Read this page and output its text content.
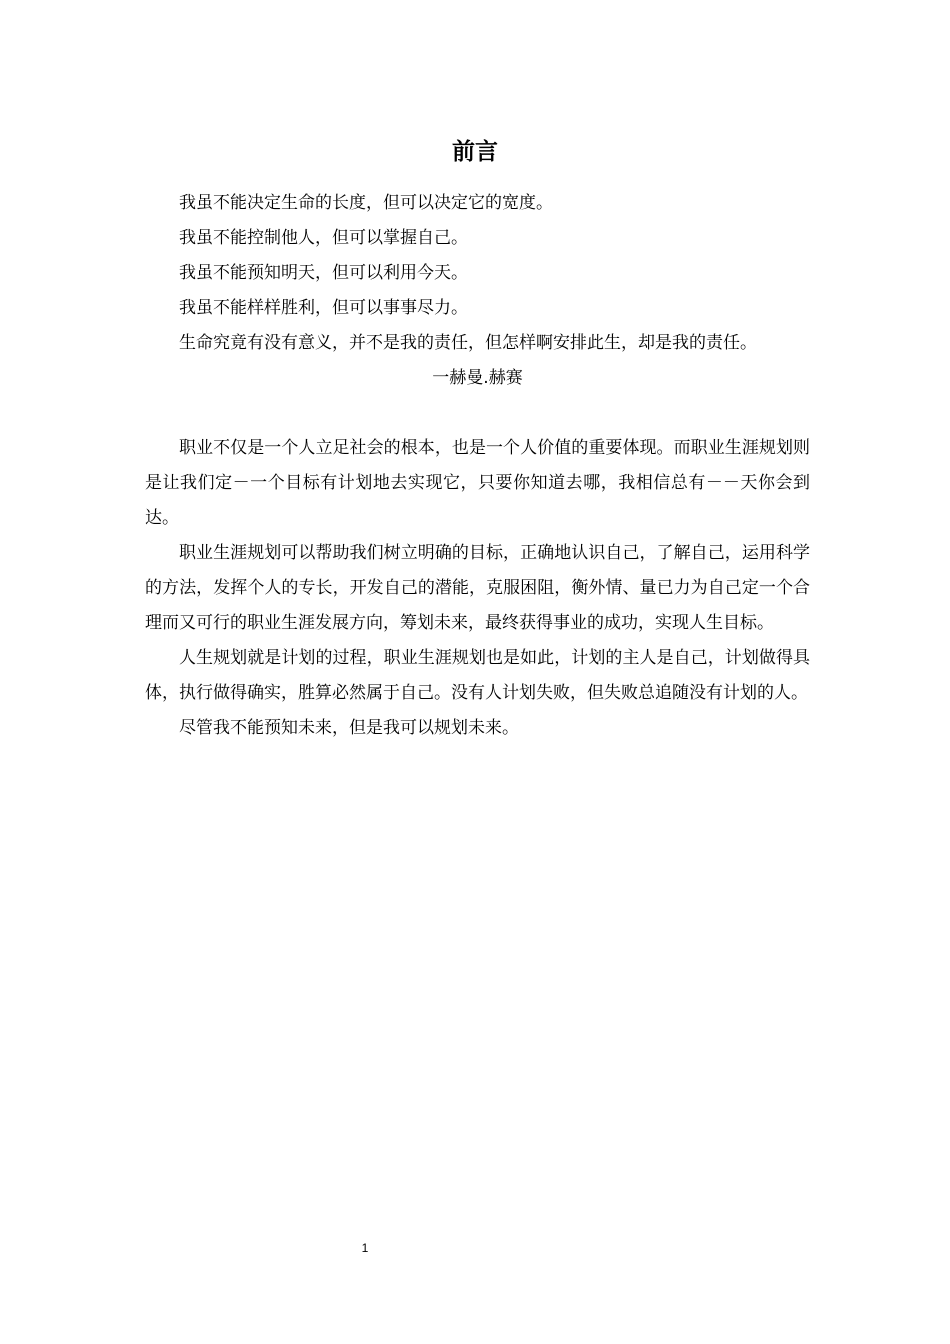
前言

我虽不能决定生命的长度，但可以决定它的宽度。

我虽不能控制他人，但可以掌握自己。

我虽不能预知明天，但可以利用今天。

我虽不能样样胜利，但可以事事尽力。

生命究竟有没有意义，并不是我的责任，但怎样啊安排此生，却是我的责任。

一赫曼.赫赛

职业不仅是一个人立足社会的根本，也是一个人价值的重要体现。而职业生涯规划则是让我们定－一个目标有计划地去实现它，只要你知道去哪，我相信总有－－天你会到达。

职业生涯规划可以帮助我们树立明确的目标，正确地认识自己，了解自己，运用科学的方法，发挥个人的专长，开发自己的潜能，克服困阻，衡外情、量已力为自己定一个合理而又可行的职业生涯发展方向，筹划未来，最终获得事业的成功，实现人生目标。

人生规划就是计划的过程，职业生涯规划也是如此，计划的主人是自己，计划做得具体，执行做得确实，胜算必然属于自己。没有人计划失败，但失败总追随没有计划的人。

尽管我不能预知未来，但是我可以规划未来。

1
